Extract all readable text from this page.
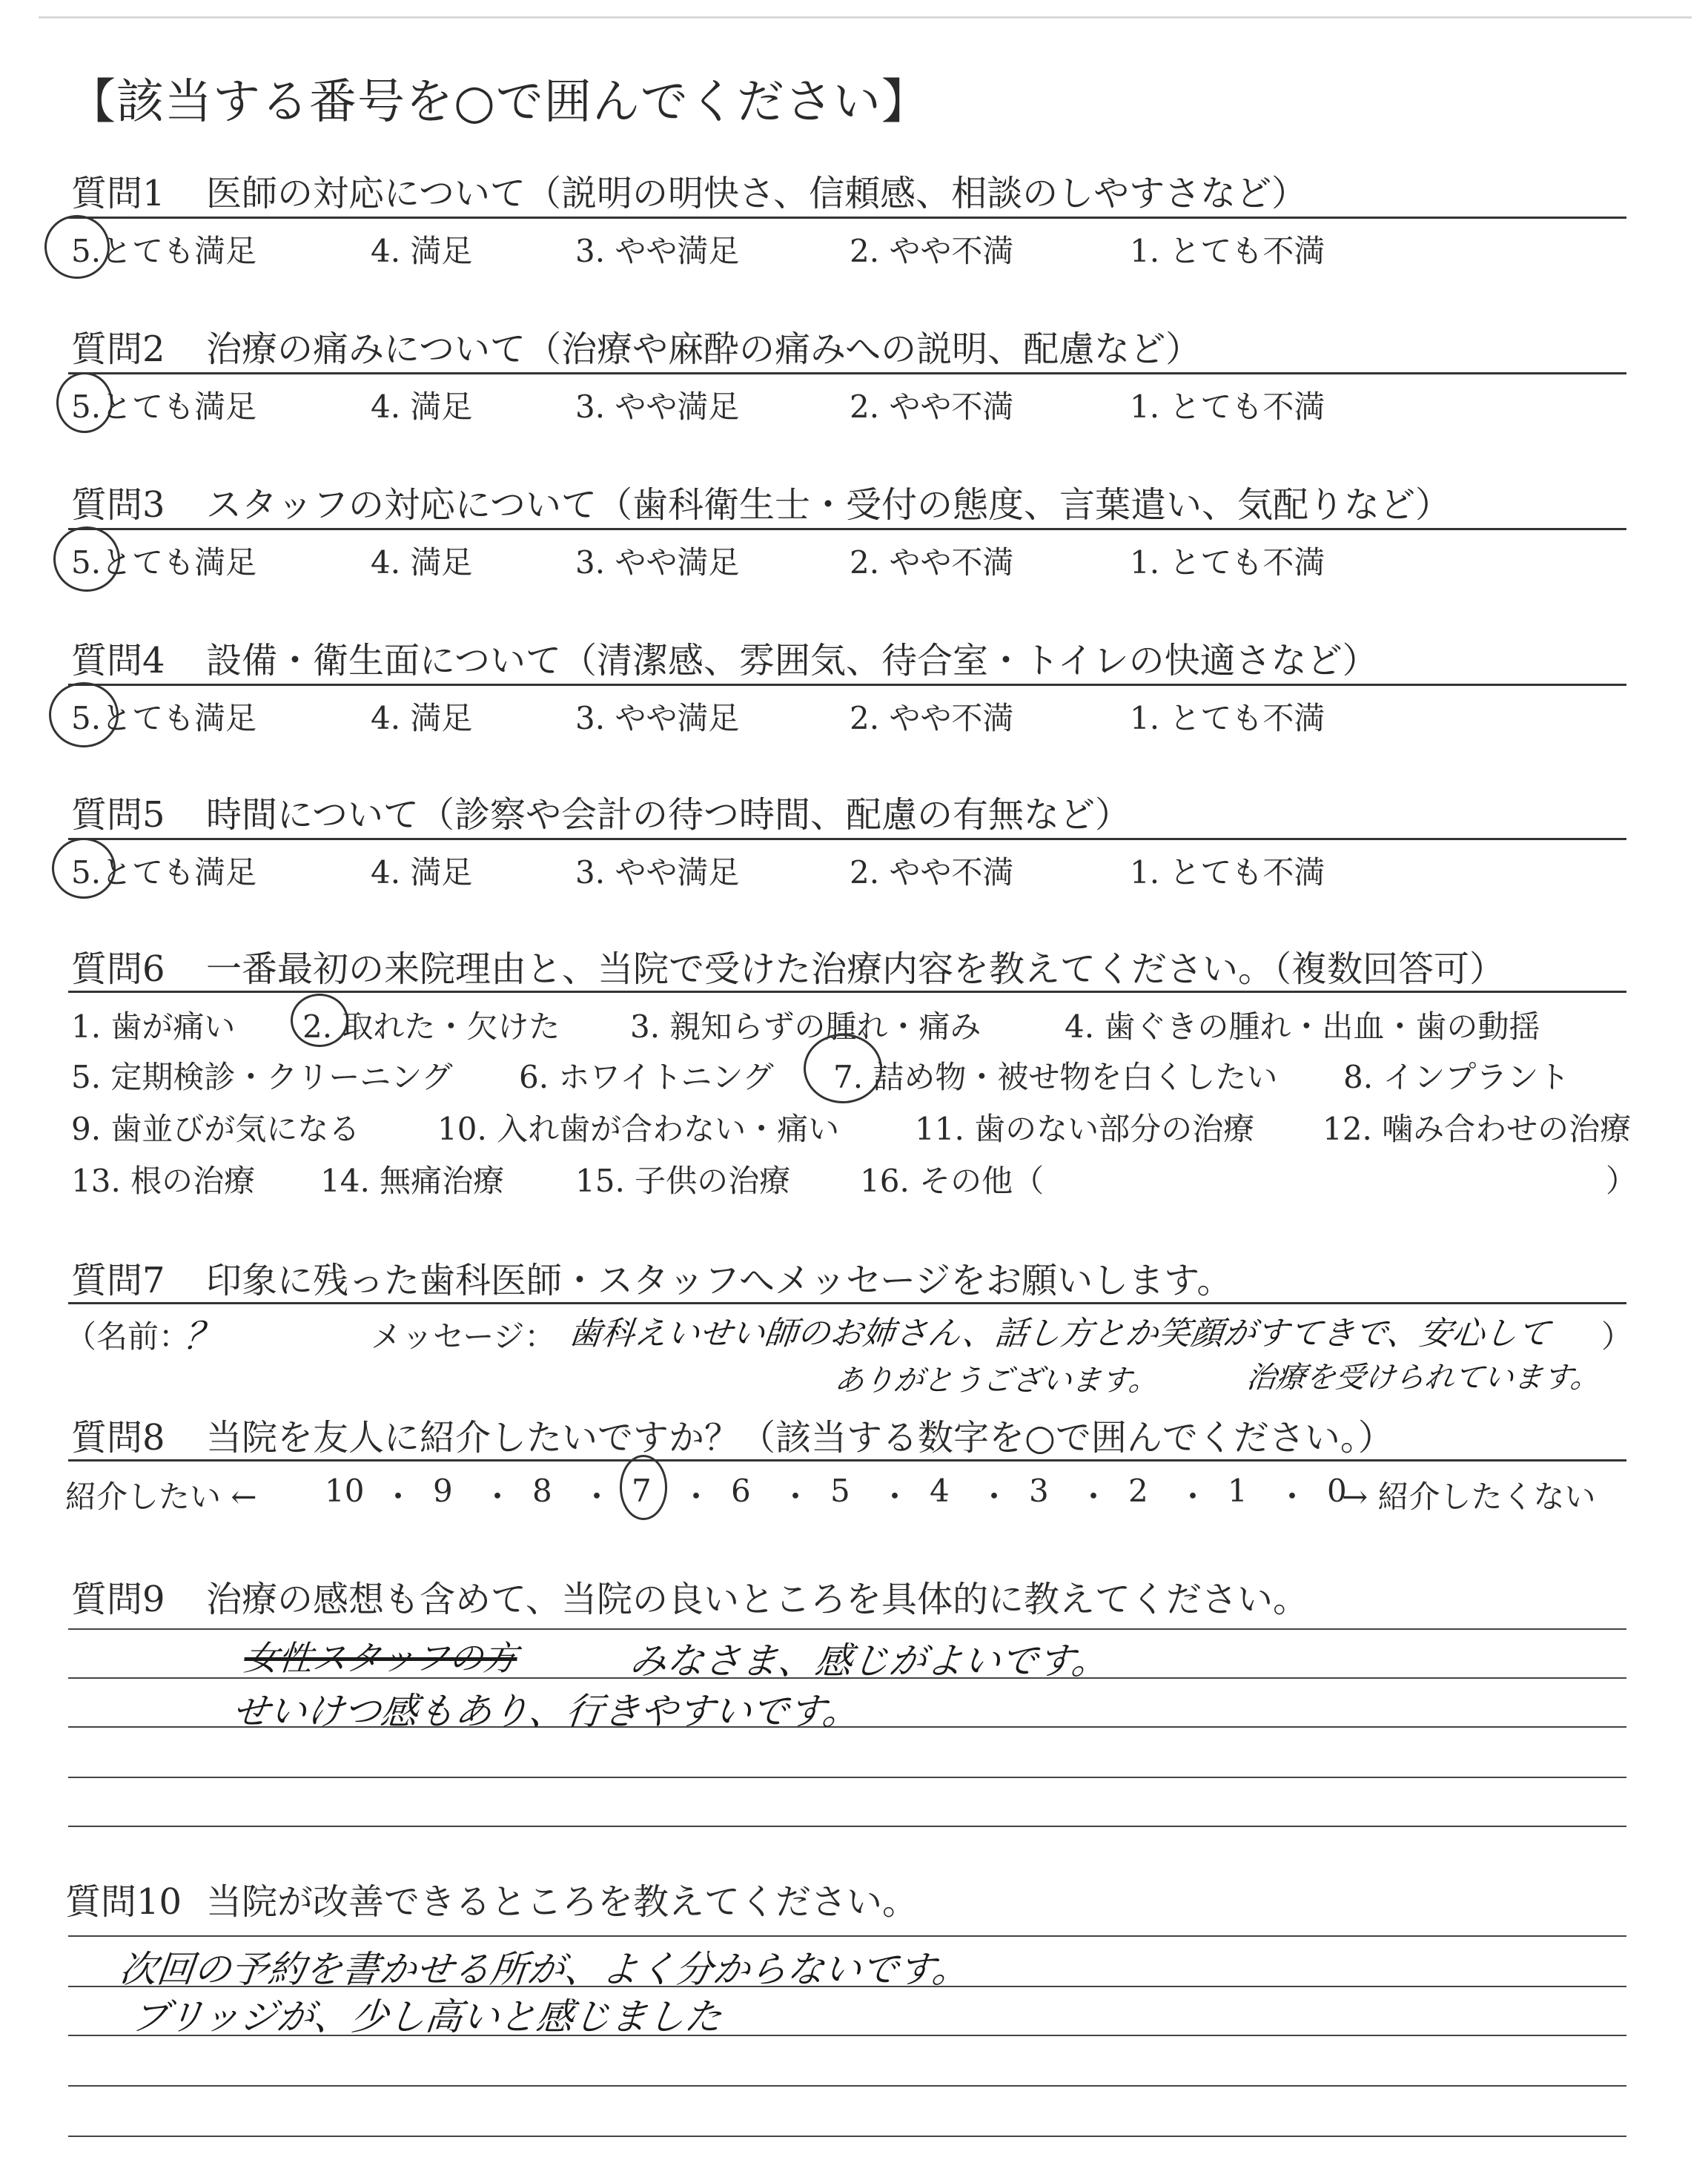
【該当する番号を○で囲んでください】
質問1 医師の対応について（説明の明快さ、信頼感、相談のしやすさなど）
5.とても満足	4. 満足	3. やや満足	2. やや不満	1. とても不満
質問2 治療の痛みについて（治療や麻酔の痛みへの説明、配慮など）
5.とても満足	4. 満足	3. やや満足	2. やや不満	1. とても不満
質問3 スタッフの対応について（歯科衛生士・受付の態度、言葉遣い、気配りなど）
5.とても満足	4. 満足	3. やや満足	2. やや不満	1. とても不満
質問4 設備・衛生面について（清潔感、雰囲気、待合室・トイレの快適さなど）
5.とても満足	4. 満足	3. やや満足	2. やや不満	1. とても不満
質問5 時間について（診察や会計の待つ時間、配慮の有無など）
5.とても満足	4. 満足	3. やや満足	2. やや不満	1. とても不満
質問6 一番最初の来院理由と、当院で受けた治療内容を教えてください。（複数回答可）
1. 歯が痛い 2. 取れた・欠けた 3. 親知らずの腫れ・痛み	4. 歯ぐきの腫れ・出血・歯の動揺
5. 定期検診・クリーニング 6. ホワイトニング 7. 詰め物・被せ物を白くしたい 8. インプラント
9. 歯並びが気になる 10. 入れ歯が合わない・痛い 11. 歯のない部分の治療 12. 噛み合わせの治療
13. 根の治療 14. 無痛治療 15. 子供の治療 16. その他（	）
質問7 印象に残った歯科医師・スタッフへメッセージをお願いします。
（名前：
？	メッセージ： 歯科えいせい師のお姉さん、話し方とか笑顔がすてきで、安心して ）
ありがとうございます。	治療を受けられています。
質問8 当院を友人に紹介したいですか？（該当する数字を○で囲んでください。）
紹介したい ←	→ 紹介したくない
10 ・ 9 ・ 8 ・ 7 ・ 6 ・ 5 ・ 4 ・ 3 ・ 2 ・ 1 ・ 0
質問9 治療の感想も含めて、当院の良いところを具体的に教えてください。
女性スタッフの方	みなさま、感じがよいです。
せいけつ感もあり、行きやすいです。
質問10 当院が改善できるところを教えてください。
次回の予約を書かせる所が、よく分からないです。
ブリッジが、少し高いと感じました
